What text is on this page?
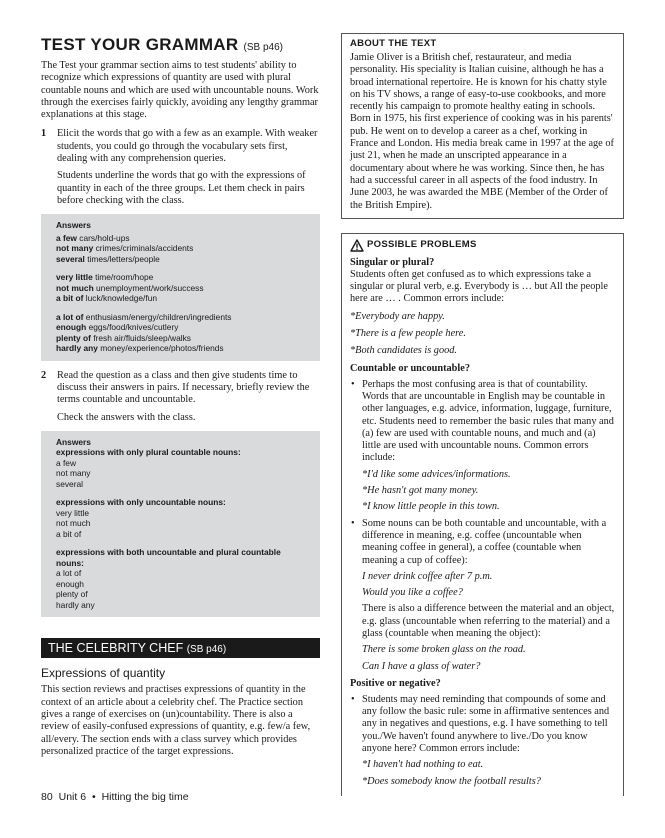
TEST YOUR GRAMMAR (SB p46)

The Test your grammar section aims to test students' ability to recognize which expressions of quantity are used with plural countable nouns and which are used with uncountable nouns. Work through the exercises fairly quickly, avoiding any lengthy grammar explanations at this stage.

1 Elicit the words that go with a few as an example. With weaker students, you could go through the vocabulary sets first, dealing with any comprehension queries.

Students underline the words that go with the expressions of quantity in each of the three groups. Let them check in pairs before checking with the class.

Answers
a few cars/hold-ups
not many crimes/criminals/accidents
several times/letters/people
very little time/room/hope
not much unemployment/work/success
a bit of luck/knowledge/fun
a lot of enthusiasm/energy/children/ingredients
enough eggs/food/knives/cutlery
plenty of fresh air/fluids/sleep/walks
hardly any money/experience/photos/friends
2 Read the question as a class and then give students time to discuss their answers in pairs. If necessary, briefly review the terms countable and uncountable.

Check the answers with the class.

Answers
expressions with only plural countable nouns:
a few
not many
several
expressions with only uncountable nouns:
very little
not much
a bit of
expressions with both uncountable and plural countable nouns:
a lot of
enough
plenty of
hardly any
THE CELEBRITY CHEF (SB p46)
Expressions of quantity

This section reviews and practises expressions of quantity in the context of an article about a celebrity chef. The Practice section gives a range of exercises on (un)countability. There is also a review of easily-confused expressions of quantity, e.g. few/a few, all/every. The section ends with a class survey which provides personalized practice of the target expressions.

ABOUT THE TEXT

Jamie Oliver is a British chef, restaurateur, and media personality. His speciality is Italian cuisine, although he has a broad international repertoire. He is known for his chatty style on his TV shows, a range of easy-to-use cookbooks, and more recently his campaign to promote healthy eating in schools. Born in 1975, his first experience of cooking was in his parents' pub. He went on to develop a career as a chef, working in France and London. His media break came in 1997 at the age of just 21, when he made an unscripted appearance in a documentary about where he was working. Since then, he has had a successful career in all aspects of the food industry. In June 2003, he was awarded the MBE (Member of the Order of the British Empire).

POSSIBLE PROBLEMS
Singular or plural?

Students often get confused as to which expressions take a singular or plural verb, e.g. Everybody is … but All the people here are … . Common errors include:

*Everybody are happy.

*There is a few people here.

*Both candidates is good.

Countable or uncountable?
• Perhaps the most confusing area is that of countability. Words that are uncountable in English may be countable in other languages, e.g. advice, information, luggage, furniture, etc. Students need to remember the basic rules that many and (a) few are used with countable nouns, and much and (a) little are used with uncountable nouns. Common errors include:

*I'd like some advices/informations.

*He hasn't got many money.

*I know little people in this town.

• Some nouns can be both countable and uncountable, with a difference in meaning, e.g. coffee (uncountable when meaning coffee in general), a coffee (countable when meaning a cup of coffee):

I never drink coffee after 7 p.m.

Would you like a coffee?

There is also a difference between the material and an object, e.g. glass (uncountable when referring to the material) and a glass (countable when meaning the object):

There is some broken glass on the road.

Can I have a glass of water?

Positive or negative?
• Students may need reminding that compounds of some and any follow the basic rule: some in affirmative sentences and any in negatives and questions, e.g. I have something to tell you./We haven't found anywhere to live./Do you know anyone here? Common errors include:

*I haven't had nothing to eat.

*Does somebody know the football results?

80 Unit 6 • Hitting the big time
